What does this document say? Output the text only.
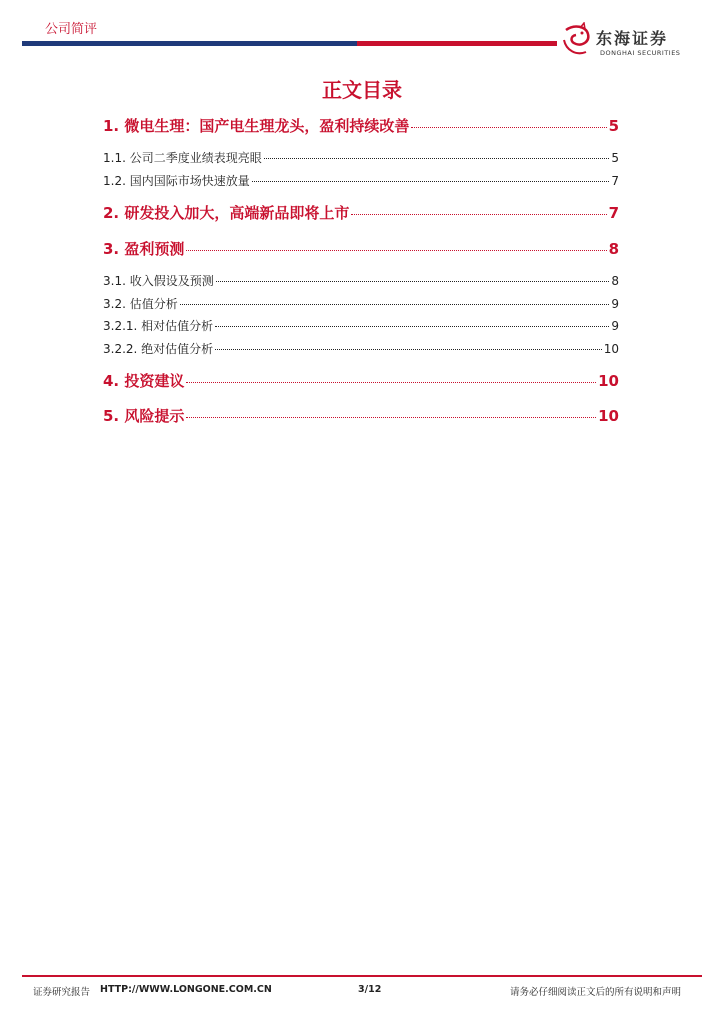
公司简评	东海证券
DONGHAI SECURITIES
正文目录
1. 微电生理：国产电生理龙头，盈利持续改善	5
1.1. 公司二季度业绩表现亮眼	5
1.2. 国内国际市场快速放量	7
2. 研发投入加大，高端新品即将上市	7
3. 盈利预测	8
3.1. 收入假设及预测	8
3.2. 估值分析	9
3.2.1. 相对估值分析	9
3.2.2. 绝对估值分析	10
4. 投资建议	10
5. 风险提示	10
证券研究报告 HTTP://WWW.LONGONE.COM.CN	3/12	请务必仔细阅读正文后的所有说明和声明
